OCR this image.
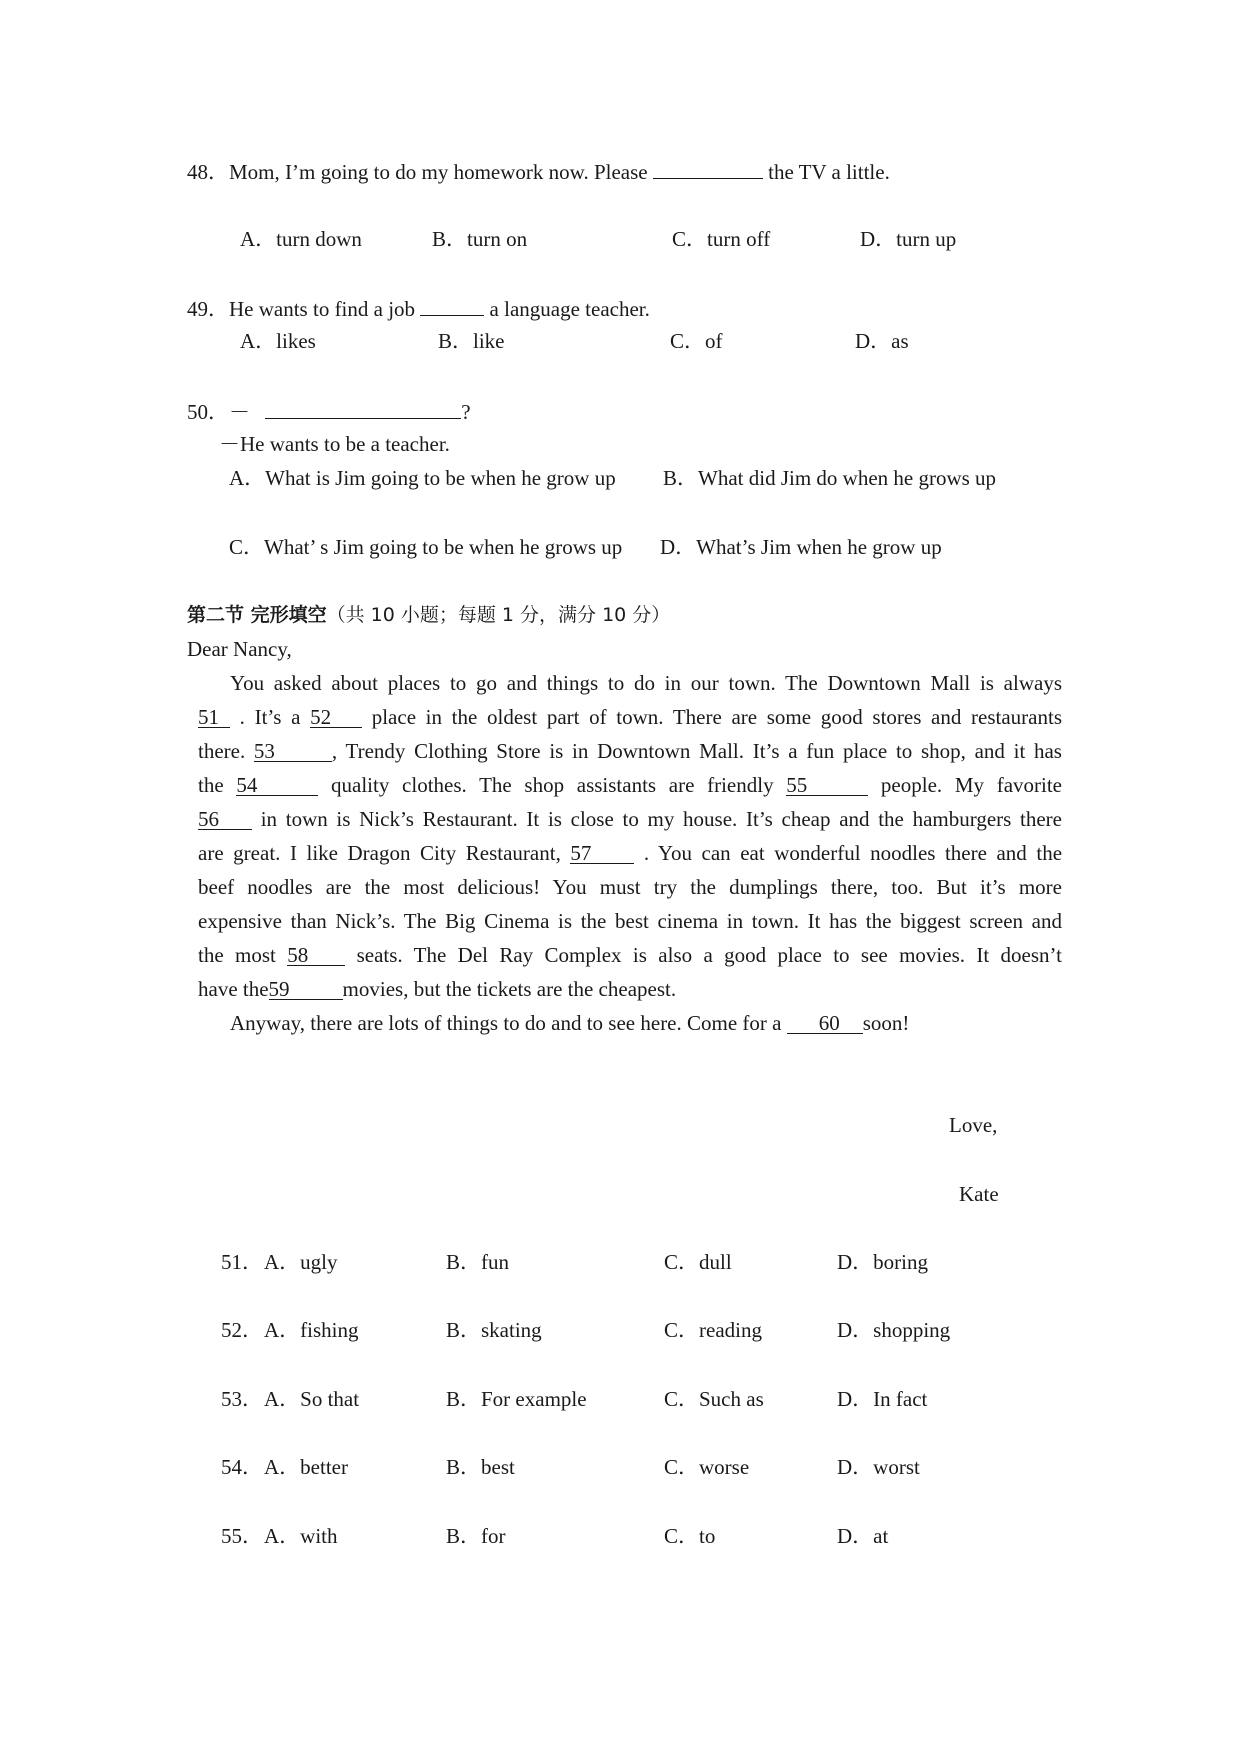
48．Mom, I’m going to do my homework now. Please	the TV a little.
A．turn down	B．turn on	C．turn off	D．turn up
49．He wants to find a job	a language teacher.
A．likes	B．like	C．of	D．as
50．－	?
－He wants to be a teacher.
A．What is Jim going to be when he grow up B．What did Jim do when he grows up
C．What’ s Jim going to be when he grows up D．What’s Jim when he grow up
第二节 完形填空（共 10 小题；每题 1 分，满分 10 分）
Dear Nancy,
You asked about places to go and things to do in our town. The Downtown Mall is always
51 . It’s a 52 place in the oldest part of town. There are some good stores and restaurants
there. 53	, Trendy Clothing Store is in Downtown Mall. It’s a fun place to shop, and it has
the 54	quality clothes. The shop assistants are friendly 55	people. My favorite
56 in town is Nick’s Restaurant. It is close to my house. It’s cheap and the hamburgers there
are great. I like Dragon City Restaurant, 57 . You can eat wonderful noodles there and the
beef noodles are the most delicious! You must try the dumplings there, too. But it’s more
expensive than Nick’s. The Big Cinema is the best cinema in town. It has the biggest screen and
the most 58 seats. The Del Ray Complex is also a good place to see movies. It doesn’t
have the59	movies, but the tickets are the cheapest.
Anyway, there are lots of things to do and to see here. Come for a 60 soon!
Love,
Kate
51． A．ugly	B．fun	C．dull	D．boring
52． A．fishing	B．skating	C．reading	D．shopping
53． A．So that	B．For example	C．Such as	D．In fact
54． A．better	B．best	C．worse	D．worst
55． A．with	B．for	C．to	D．at
